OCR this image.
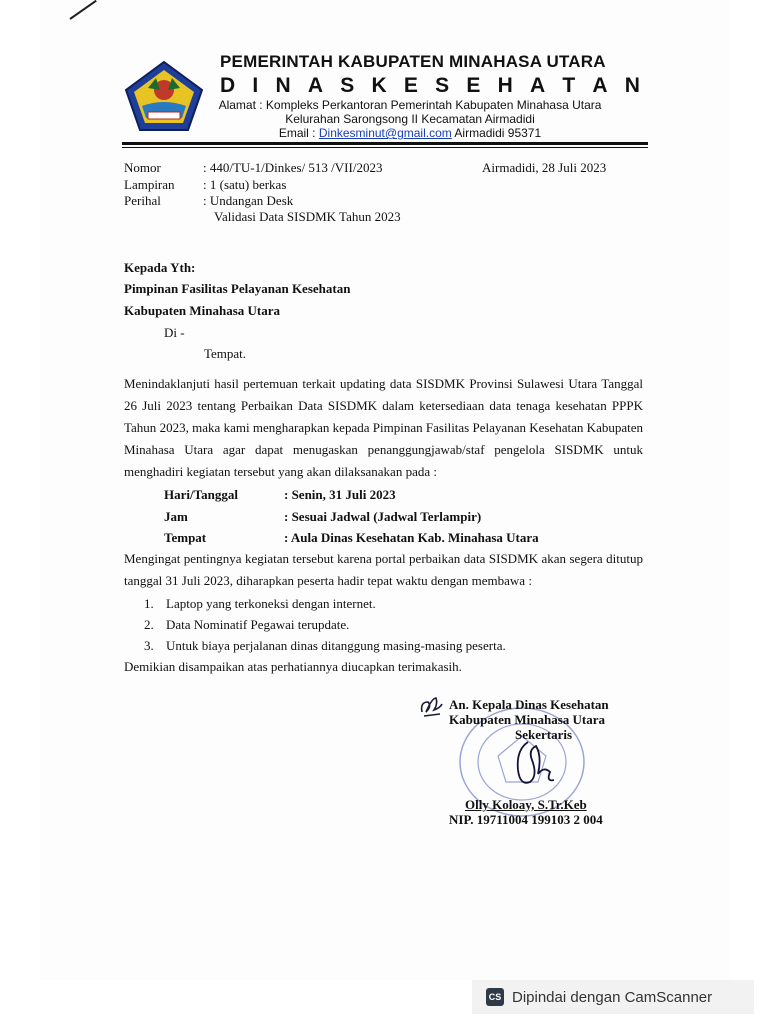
PEMERINTAH KABUPATEN MINAHASA UTARA
D I N A S K E S E H A T A N
Alamat : Kompleks Perkantoran Pemerintah Kabupaten Minahasa Utara
Kelurahan Sarongsong II Kecamatan Airmadidi
Email : Dinkesminut@gmail.com Airmadidi 95371
Nomor	: 440/TU-1/Dinkes/ 513 /VII/2023
Lampiran : 1 (satu) berkas
Perihal	: Undangan Desk
Validasi Data SISDMK Tahun 2023
Airmadidi, 28 Juli 2023
Kepada Yth:
Pimpinan Fasilitas Pelayanan Kesehatan
Kabupaten Minahasa Utara
Di -
Tempat.
Menindaklanjuti hasil pertemuan terkait updating data SISDMK Provinsi Sulawesi Utara Tanggal 26 Juli 2023 tentang Perbaikan Data SISDMK dalam ketersediaan data tenaga kesehatan PPPK Tahun 2023, maka kami mengharapkan kepada Pimpinan Fasilitas Pelayanan Kesehatan Kabupaten Minahasa Utara agar dapat menugaskan penanggungjawab/staf pengelola SISDMK untuk menghadiri kegiatan tersebut yang akan dilaksanakan pada :
Hari/Tanggal	: Senin, 31 Juli 2023
Jam	: Sesuai Jadwal (Jadwal Terlampir)
Tempat	: Aula Dinas Kesehatan Kab. Minahasa Utara
Mengingat pentingnya kegiatan tersebut karena portal perbaikan data SISDMK akan segera ditutup tanggal 31 Juli 2023, diharapkan peserta hadir tepat waktu dengan membawa :
1. Laptop yang terkoneksi dengan internet.
2. Data Nominatif Pegawai terupdate.
3. Untuk biaya perjalanan dinas ditanggung masing-masing peserta.
Demikian disampaikan atas perhatiannya diucapkan terimakasih.
An. Kepala Dinas Kesehatan
Kabupaten Minahasa Utara
Sekertaris
Olly Koloay, S.Tr.Keb
NIP. 19711004 199103 2 004
CS Dipindai dengan CamScanner
